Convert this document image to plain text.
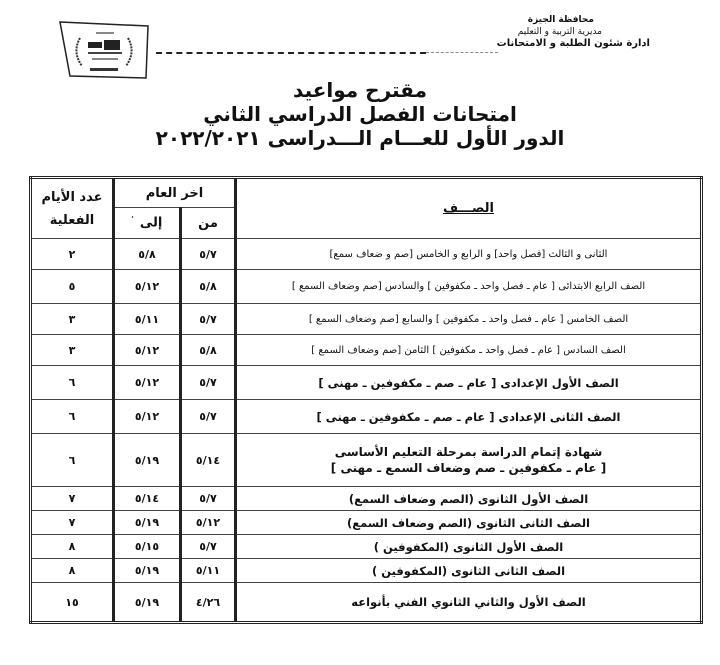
محافظة الجيزة
مديرية التربية و التعليم
ادارة شئون الطلبة و الامتحانات
مقترح مواعيد
امتحانات الفصل الدراسي الثاني
الدور الأول للعـــام الـــدراسى ٢٠٢٢/٢٠٢١
الصـــف	اخر العام		عدد الأيام
الفعلية

	من	إلى'
الثانى و الثالث [فصل واحد] و الرابع و الخامس [صم و ضعاف سمع]	٥/٧	٥/٨	٢
الصف الرابع الابتدائى [ عام ـ فصل واحد ـ مكفوفين ] والسادس [صم وضعاف السمع ]	٥/٨	٥/١٢	٥
الصف الخامس [ عام ـ فصل واحد ـ مكفوفين ] والسابع [صم وضعاف السمع ]	٥/٧	٥/١١	٣
الصف السادس [ عام ـ فصل واحد ـ مكفوفين ] الثامن [صم وضعاف السمع ]	٥/٨	٥/١٢	٣
الصف الأول الإعدادى [ عام ـ صم ـ مكفوفين ـ مهنى ]	٥/٧	٥/١٢	٦
الصف الثانى الإعدادى [ عام ـ صم ـ مكفوفين ـ مهنى ]	٥/٧	٥/١٢	٦

شهادة إتمام الدراسة بمرحلة التعليم الأساسى
[ عام ـ مكفوفين ـ صم وضعاف السمع ـ مهنى ]	٥/١٤	٥/١٩	٦
الصف الأول الثانوى (الصم وضعاف السمع)	٥/٧	٥/١٤	٧
الصف الثانى الثانوى (الصم وضعاف السمع)	٥/١٢	٥/١٩	٧
الصف الأول الثانوى (المكفوفين )	٥/٧	٥/١٥	٨
الصف الثانى الثانوى (المكفوفين )	٥/١١	٥/١٩	٨
الصف الأول والثاني الثانوي الفني بأنواعه	٤/٢٦	٥/١٩	١٥
